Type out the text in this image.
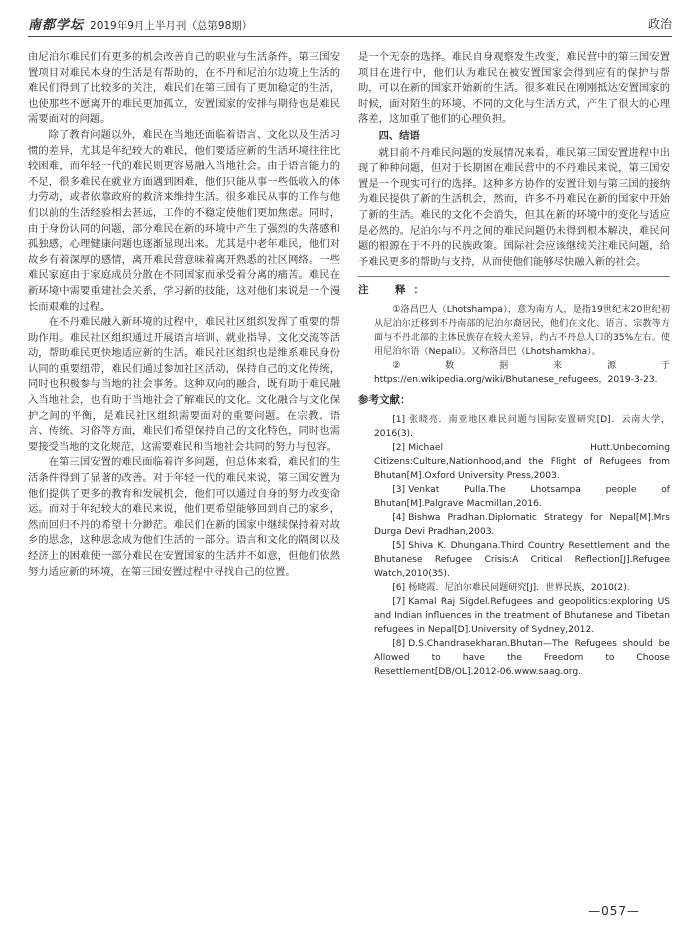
南都学坛 2019年9月上半月刊（总第98期）	政治

由尼泊尔难民们有更多的机会改善自己的职业与生活条件。第三国安置项目对难民本身的生活是有帮助的，在不丹和尼泊尔边境上生活的难民们得到了比较多的关注，难民们在第三国有了更加稳定的生活，也使那些不愿离开的难民更加孤立，安置国家的安排与期待也是难民需要面对的问题。

除了教育问题以外，难民在当地还面临着语言、文化以及生活习惯的差异，尤其是年纪较大的难民，他们要适应新的生活环境往往比较困难，而年轻一代的难民则更容易融入当地社会。由于语言能力的不足，很多难民在就业方面遇到困难，他们只能从事一些低收入的体力劳动，或者依靠政府的救济来维持生活。很多难民从事的工作与他们以前的生活经验相去甚远，工作的不稳定使他们更加焦虑。同时，由于身份认同的问题，部分难民在新的环境中产生了强烈的失落感和孤独感，心理健康问题也逐渐显现出来。尤其是中老年难民，他们对故乡有着深厚的感情，离开难民营意味着离开熟悉的社区网络。一些难民家庭由于家庭成员分散在不同国家而承受着分离的痛苦。难民在新环境中需要重建社会关系，学习新的技能，这对他们来说是一个漫长而艰难的过程。

在不丹难民融入新环境的过程中，难民社区组织发挥了重要的帮助作用。难民社区组织通过开展语言培训、就业指导、文化交流等活动，帮助难民更快地适应新的生活。难民社区组织也是维系难民身份认同的重要纽带，难民们通过参加社区活动，保持自己的文化传统，同时也积极参与当地的社会事务。这种双向的融合，既有助于难民融入当地社会，也有助于当地社会了解难民的文化。文化融合与文化保护之间的平衡，是难民社区组织需要面对的重要问题。在宗教、语言、传统、习俗等方面，难民们希望保持自己的文化特色，同时也需要接受当地的文化规范，这需要难民和当地社会共同的努力与包容。

在第三国安置的难民面临着许多问题，但总体来看，难民们的生活条件得到了显著的改善。对于年轻一代的难民来说，第三国安置为他们提供了更多的教育和发展机会，他们可以通过自身的努力改变命运。而对于年纪较大的难民来说，他们更希望能够回到自己的家乡，然而回归不丹的希望十分渺茫。难民们在新的国家中继续保持着对故乡的思念，这种思念成为他们生活的一部分。语言和文化的隔阂以及经济上的困难使一部分难民在安置国家的生活并不如意，但他们依然努力适应新的环境，在第三国安置过程中寻找自己的位置。

是一个无奈的选择。难民自身观察发生改变，难民营中的第三国安置项目在进行中，他们认为难民在被安置国家会得到应有的保护与帮助，可以在新的国家开始新的生活。很多难民在刚刚抵达安置国家的时候，面对陌生的环境、不同的文化与生活方式，产生了很大的心理落差，这加重了他们的心理负担。

四、结语

就目前不丹难民问题的发展情况来看，难民第三国安置进程中出现了种种问题，但对于长期困在难民营中的不丹难民来说，第三国安置是一个现实可行的选择。这种多方协作的安置计划与第三国的接纳为难民提供了新的生活机会，然而，许多不丹难民在新的国家中开始了新的生活。难民的文化不会消失，但其在新的环境中的变化与适应是必然的。尼泊尔与不丹之间的难民问题仍未得到根本解决，难民问题的根源在于不丹的民族政策。国际社会应该继续关注难民问题，给予难民更多的帮助与支持，从而使他们能够尽快融入新的社会。

注　释：

①洛昌巴人（Lhotshampa），意为南方人，是指19世纪末20世纪初从尼泊尔迁移到不丹南部的尼泊尔裔居民，他们在文化、语言、宗教等方面与不丹北部的主体民族存在较大差异，约占不丹总人口的35%左右。使用尼泊尔语（Nepali）。又称洛昌巴（Lhotshamkha）。

②数据来源于https://en.wikipedia.org/wiki/Bhutanese_refugees，2019-3-23.

参考文献：

[1] 张晓亮．南亚地区难民问题与国际安置研究[D]．云南大学，2016(3).

[2] Michael Hutt.Unbecoming Citizens:Culture,Nationhood,and the Flight of Refugees from Bhutan[M].Oxford University Press,2003.

[3] Venkat Pulla.The Lhotsampa people of Bhutan[M].Palgrave Macmillan,2016.

[4] Bishwa Pradhan.Diplomatic Strategy for Nepal[M].Mrs Durga Devi Pradhan,2003.

[5] Shiva K. Dhungana.Third Country Resettlement and the Bhutanese Refugee Crisis:A Critical Reflection[J].Refugee Watch,2010(35).

[6] 杨晓霞．尼泊尔难民问题研究[J]．世界民族，2010(2).

[7] Kamal Raj Sigdel.Refugees and geopolitics:exploring US and Indian influences in the treatment of Bhutanese and Tibetan refugees in Nepal[D].University of Sydney,2012.

[8] D.S.Chandrasekharan.Bhutan—The Refugees should be Allowed to have the Freedom to Choose Resettlement[DB/OL].2012-06.www.saag.org.

—057—
